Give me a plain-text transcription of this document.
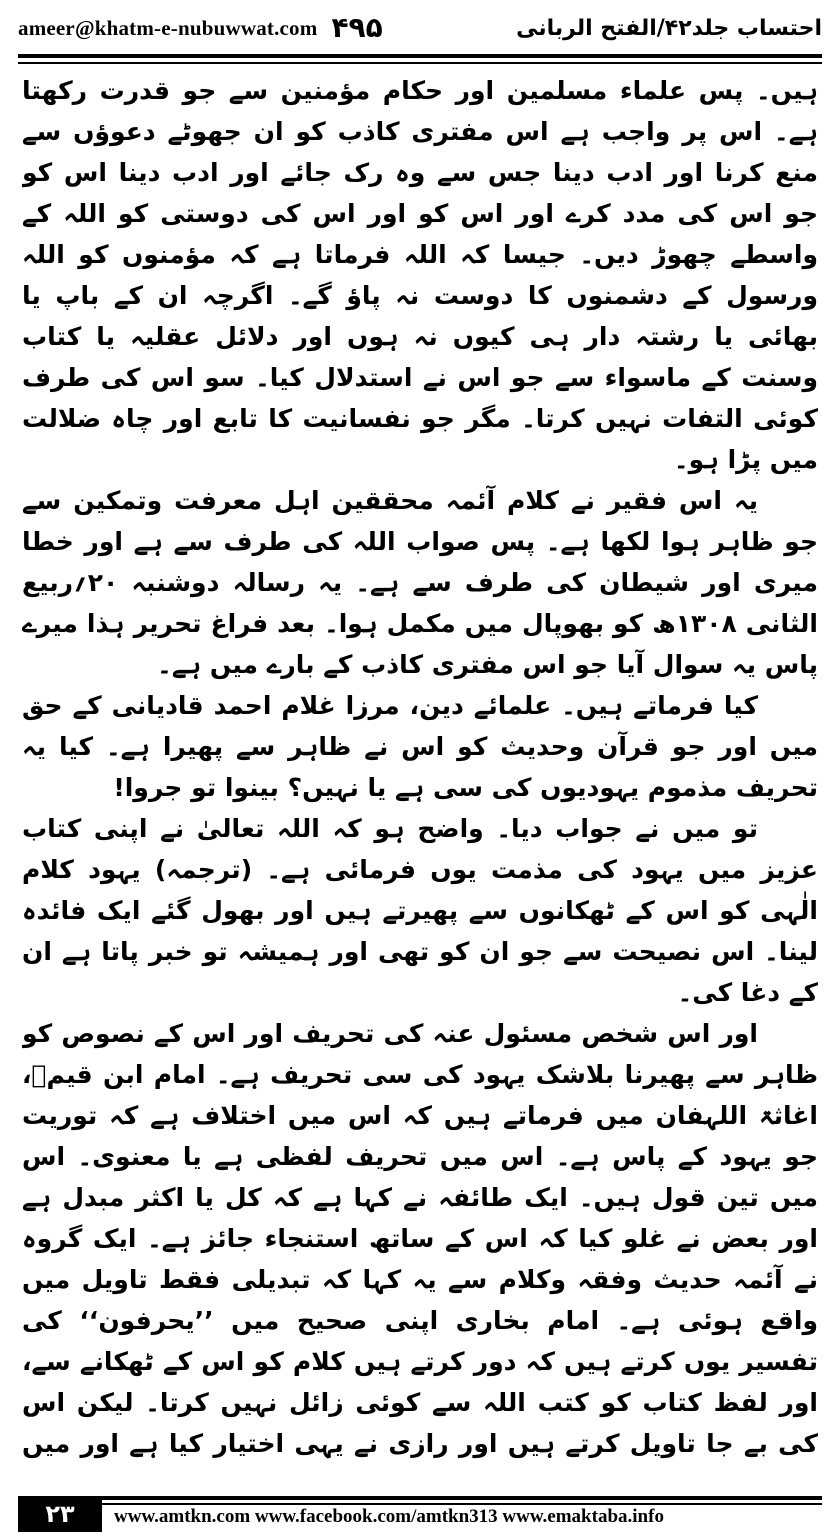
ameer@khatm-e-nubuwwat.com ۴۹۵	احتساب جلد۴۲/الفتح الربانی

ہیں۔ پس علماء مسلمین اور حکام مؤمنین سے جو قدرت رکھتا ہے۔ اس پر واجب ہے اس مفتری کاذب کو ان جھوٹے دعوؤں سے منع کرنا اور ادب دینا جس سے وہ رک جائے اور ادب دینا اس کو جو اس کی مدد کرے اور اس کو اور اس کی دوستی کو اللہ کے واسطے چھوڑ دیں۔ جیسا کہ اللہ فرماتا ہے کہ مؤمنوں کو اللہ ورسول کے دشمنوں کا دوست نہ پاؤ گے۔ اگرچہ ان کے باپ یا بھائی یا رشتہ دار ہی کیوں نہ ہوں اور دلائل عقلیہ یا کتاب وسنت کے ماسواء سے جو اس نے استدلال کیا۔ سو اس کی طرف کوئی التفات نہیں کرتا۔ مگر جو نفسانیت کا تابع اور چاہ ضلالت میں پڑا ہو۔

یہ اس فقیر نے کلام آئمہ محققین اہل معرفت وتمکین سے جو ظاہر ہوا لکھا ہے۔ پس صواب اللہ کی طرف سے ہے اور خطا میری اور شیطان کی طرف سے ہے۔ یہ رسالہ دوشنبہ ۲۰؍ربیع الثانی ۱۳۰۸ھ کو بھوپال میں مکمل ہوا۔ بعد فراغ تحریر ہذا میرے پاس یہ سوال آیا جو اس مفتری کاذب کے بارے میں ہے۔

کیا فرماتے ہیں۔ علمائے دین، مرزا غلام احمد قادیانی کے حق میں اور جو قرآن وحدیث کو اس نے ظاہر سے پھیرا ہے۔ کیا یہ تحریف مذموم یہودیوں کی سی ہے یا نہیں؟ بینوا تو جروا!

تو میں نے جواب دیا۔ واضح ہو کہ اللہ تعالیٰ نے اپنی کتاب عزیز میں یہود کی مذمت یوں فرمائی ہے۔ (ترجمہ) یہود کلام الٰہی کو اس کے ٹھکانوں سے پھیرتے ہیں اور بھول گئے ایک فائدہ لینا۔ اس نصیحت سے جو ان کو تھی اور ہمیشہ تو خبر پاتا ہے ان کے دغا کی۔

اور اس شخص مسئول عنہ کی تحریف اور اس کے نصوص کو ظاہر سے پھیرنا بلاشک یہود کی سی تحریف ہے۔ امام ابن قیمؒ، اغاثۃ اللہفان میں فرماتے ہیں کہ اس میں اختلاف ہے کہ توریت جو یہود کے پاس ہے۔ اس میں تحریف لفظی ہے یا معنوی۔ اس میں تین قول ہیں۔ ایک طائفہ نے کہا ہے کہ کل یا اکثر مبدل ہے اور بعض نے غلو کیا کہ اس کے ساتھ استنجاء جائز ہے۔ ایک گروہ نے آئمہ حدیث وفقہ وکلام سے یہ کہا کہ تبدیلی فقط تاویل میں واقع ہوئی ہے۔ امام بخاری اپنی صحیح میں ’’یحرفون‘‘ کی تفسیر یوں کرتے ہیں کہ دور کرتے ہیں کلام کو اس کے ٹھکانے سے، اور لفظ کتاب کو کتب اللہ سے کوئی زائل نہیں کرتا۔ لیکن اس کی بے جا تاویل کرتے ہیں اور رازی نے یہی اختیار کیا ہے اور میں

۲۳ www.amtkn.com www.facebook.com/amtkn313 www.emaktaba.info
